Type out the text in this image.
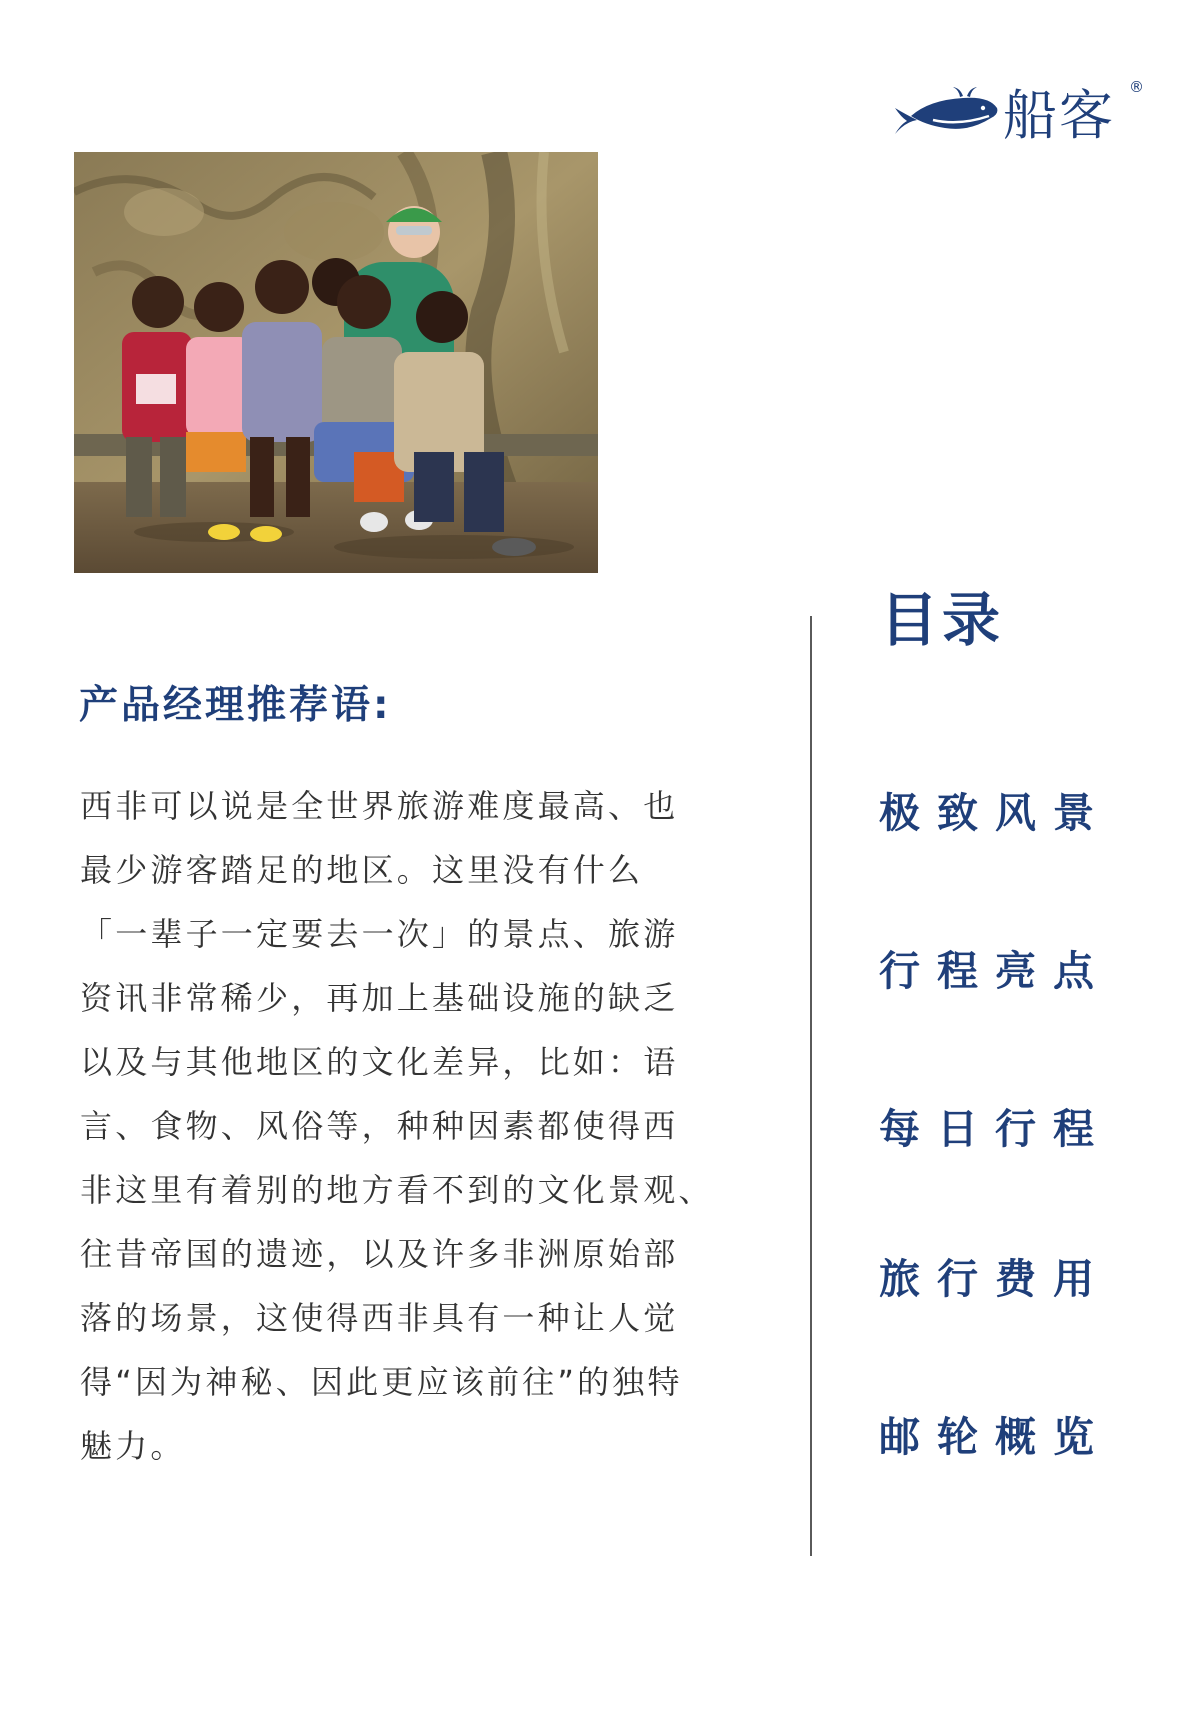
船客 ®
产品经理推荐语:
西非可以说是全世界旅游难度最高、也
最少游客踏足的地区。这里没有什么
「一辈子一定要去一次」的景点、旅游
资讯非常稀少，再加上基础设施的缺乏
以及与其他地区的文化差异，比如：语
言、食物、风俗等，种种因素都使得西
非这里有着别的地方看不到的文化景观、
往昔帝国的遗迹，以及许多非洲原始部
落的场景，这使得西非具有一种让人觉
得“因为神秘、因此更应该前往”的独特
魅力。
目录
极致风景
行程亮点
每日行程
旅行费用
邮轮概览
